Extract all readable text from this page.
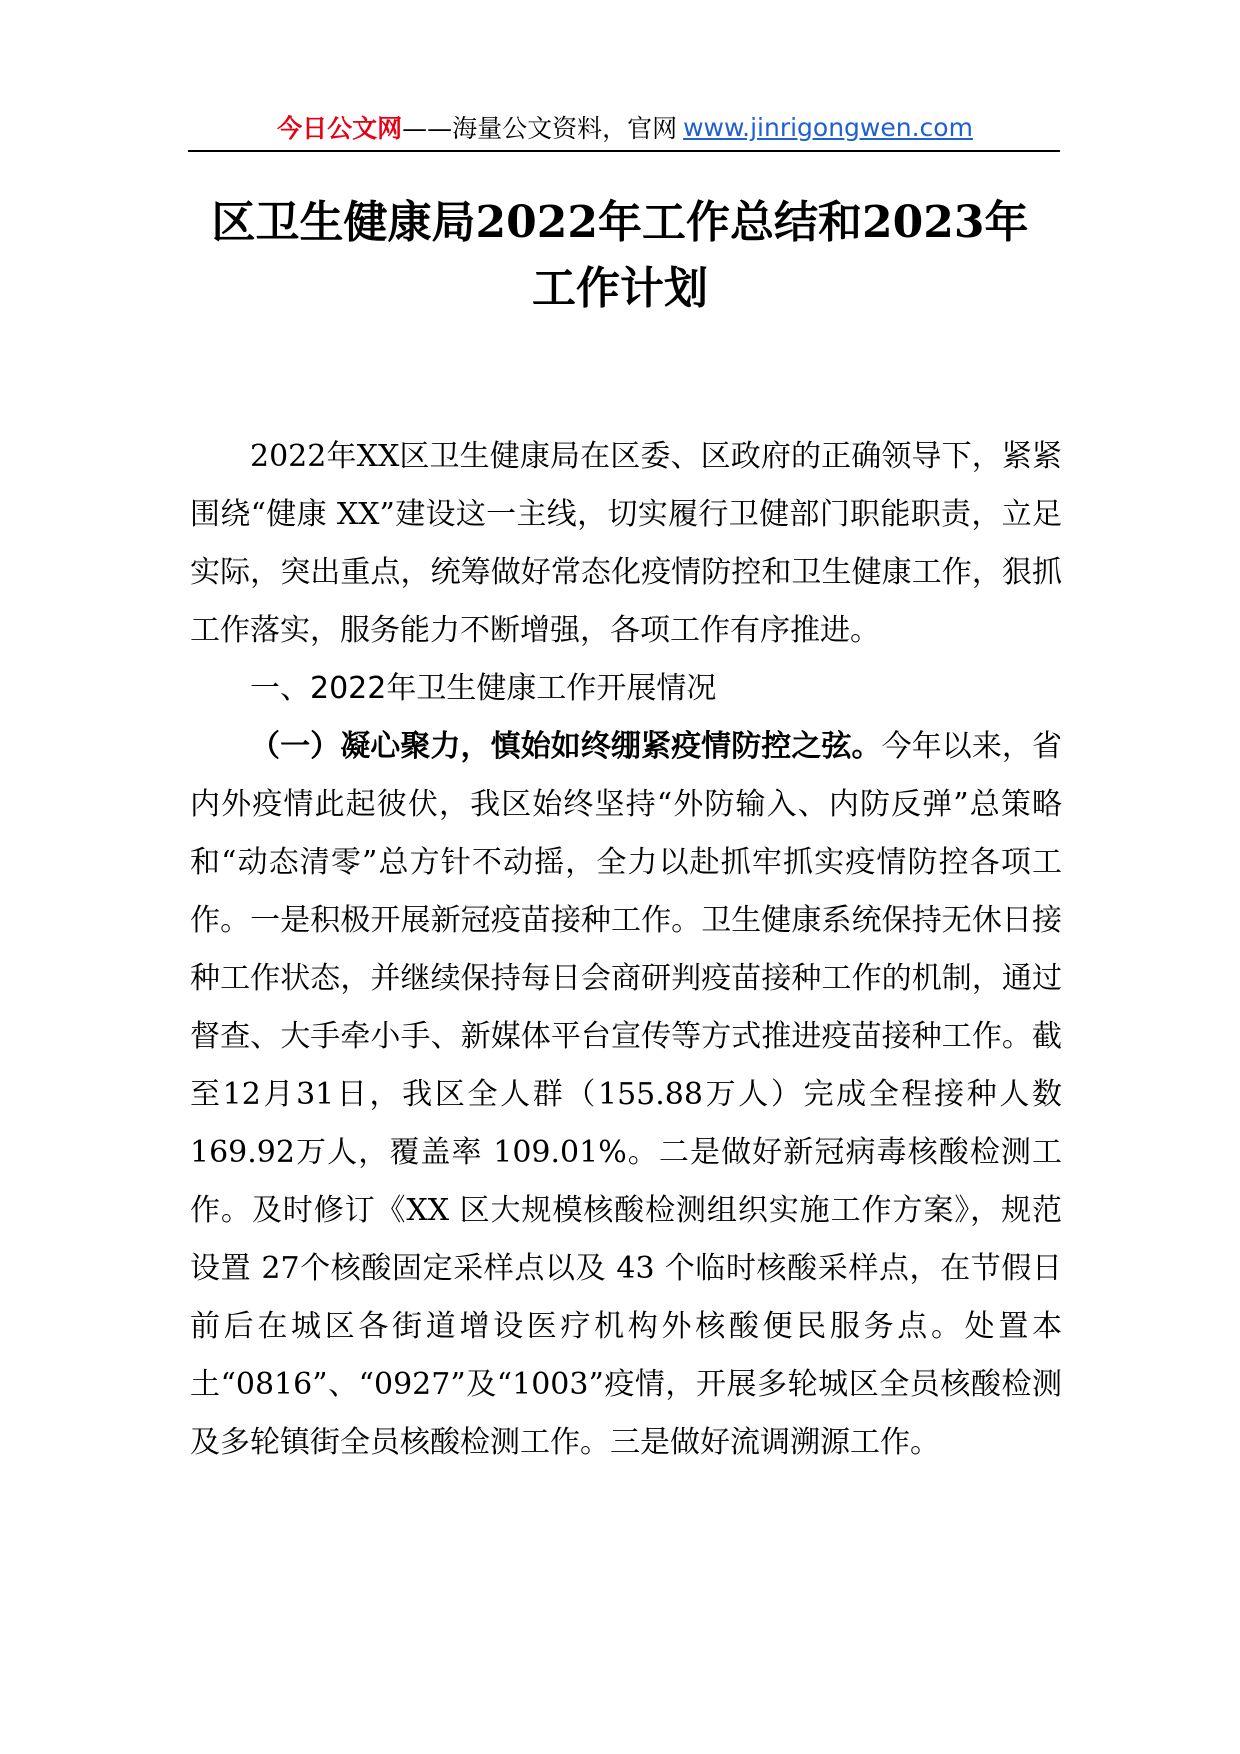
今日公文网 ——海量公文资料，官网 www.jinrigongwen.com
区卫生健康局2022年工作总结和2023年
工作计划

2022年XX区卫生健康局在区委、区政府的正确领导下，紧紧围绕“健康 XX”建设这一主线，切实履行卫健部门职能职责，立足实际，突出重点，统筹做好常态化疫情防控和卫生健康工作，狠抓工作落实，服务能力不断增强，各项工作有序推进。

一、2022年卫生健康工作开展情况

（一）凝心聚力，慎始如终绷紧疫情防控之弦。今年以来，省内外疫情此起彼伏，我区始终坚持“外防输入、内防反弹”总策略和“动态清零”总方针不动摇，全力以赴抓牢抓实疫情防控各项工作。一是积极开展新冠疫苗接种工作。卫生健康系统保持无休日接种工作状态，并继续保持每日会商研判疫苗接种工作的机制，通过督查、大手牵小手、新媒体平台宣传等方式推进疫苗接种工作。截至12月31日，我区全人群（155.88万人）完成全程接种人数169.92万人，覆盖率 109.01%。二是做好新冠病毒核酸检测工作。及时修订《XX 区大规模核酸检测组织实施工作方案》，规范设置 27个核酸固定采样点以及 43 个临时核酸采样点，在节假日前后在城区各街道增设医疗机构外核酸便民服务点。处置本土“0816”、“0927”及“1003”疫情，开展多轮城区全员核酸检测及多轮镇街全员核酸检测工作。三是做好流调溯源工作。
